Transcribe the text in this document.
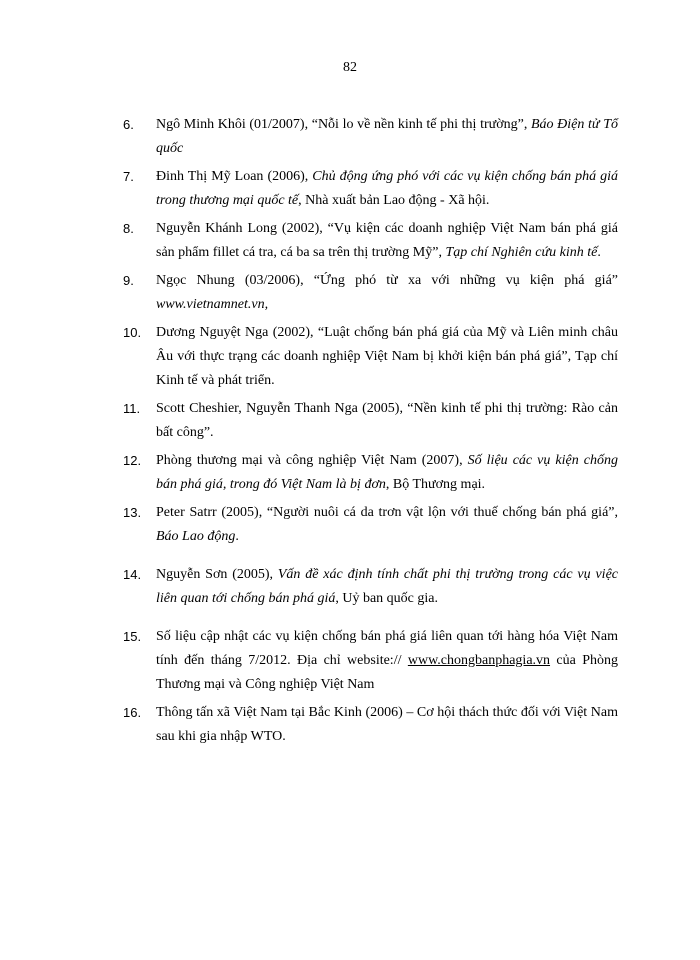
82
6. Ngô Minh Khôi (01/2007), “Nỗi lo về nền kinh tế phi thị trường”, Báo Điện tử Tổ quốc
7. Đinh Thị Mỹ Loan (2006), Chủ động ứng phó với các vụ kiện chống bán phá giá trong thương mại quốc tế, Nhà xuất bản Lao động - Xã hội.
8. Nguyễn Khánh Long (2002), “Vụ kiện các doanh nghiệp Việt Nam bán phá giá sản phẩm fillet cá tra, cá ba sa trên thị trường Mỹ”, Tạp chí Nghiên cứu kinh tế.
9. Ngọc Nhung (03/2006), “Ứng phó từ xa với những vụ kiện phá giá” www.vietnamnet.vn,
10. Dương Nguyệt Nga (2002), “Luật chống bán phá giá của Mỹ và Liên minh châu Âu với thực trạng các doanh nghiệp Việt Nam bị khởi kiện bán phá giá”, Tạp chí Kinh tế và phát triển.
11. Scott Cheshier, Nguyễn Thanh Nga (2005), “Nền kinh tế phi thị trường: Rào cản bất công”.
12. Phòng thương mại và công nghiệp Việt Nam (2007), Số liệu các vụ kiện chống bán phá giá, trong đó Việt Nam là bị đơn, Bộ Thương mại.
13. Peter Satrr (2005), “Người nuôi cá da trơn vật lộn với thuế chống bán phá giá”, Báo Lao động.
14. Nguyễn Sơn (2005), Vấn đề xác định tính chất phi thị trường trong các vụ việc liên quan tới chống bán phá giá, Uỷ ban quốc gia.
15. Số liệu cập nhật các vụ kiện chống bán phá giá liên quan tới hàng hóa Việt Nam tính đến tháng 7/2012. Địa chỉ website:// www.chongbanphagia.vn của Phòng Thương mại và Công nghiệp Việt Nam
16. Thông tấn xã Việt Nam tại Bắc Kinh (2006) – Cơ hội thách thức đối với Việt Nam sau khi gia nhập WTO.
